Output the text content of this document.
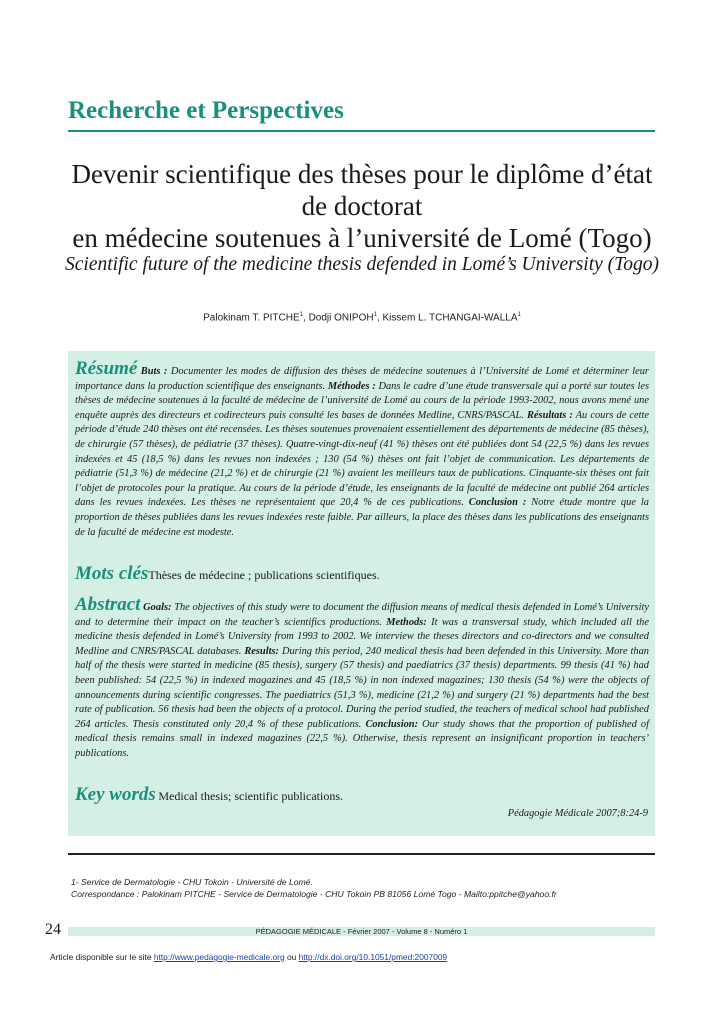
Recherche et Perspectives
Devenir scientifique des thèses pour le diplôme d’état de doctorat
en médecine soutenues à l’université de Lomé (Togo)
Scientific future of the medicine thesis defended in Lomé’s University (Togo)
Palokinam T. PITCHE$^1$, Dodji ONIPOH$^1$, Kissem L. TCHANGAI-WALLA$^1$
Résumé Buts : Documenter les modes de diffusion des thèses de médecine soutenues à l’Université de Lomé et déterminer leur importance dans la production scientifique des enseignants. Méthodes : Dans le cadre d’une étude transversale qui a porté sur toutes les thèses de médecine soutenues à la faculté de médecine de l’université de Lomé au cours de la période 1993-2002, nous avons mené une enquête auprès des directeurs et codirecteurs puis consulté les bases de données Medline, CNRS/PASCAL. Résultats : Au cours de cette période d’étude 240 thèses ont été recensées. Les thèses soutenues provenaient essentiellement des départements de médecine (85 thèses), de chirurgie (57 thèses), de pédiatrie (37 thèses). Quatre-vingt-dix-neuf (41 %) thèses ont été publiées dont 54 (22,5 %) dans les revues indexées et 45 (18,5 %) dans les revues non indexées ; 130 (54 %) thèses ont fait l’objet de communication. Les départements de pédiatrie (51,3 %) de médecine (21,2 %) et de chirurgie (21 %) avaient les meilleurs taux de publications. Cinquante-six thèses ont fait l’objet de protocoles pour la pratique. Au cours de la période d’étude, les enseignants de la faculté de médecine ont publié 264 articles dans les revues indexées. Les thèses ne représentaient que 20,4 % de ces publications. Conclusion : Notre étude montre que la proportion de thèses publiées dans les revues indexées reste faible. Par ailleurs, la place des thèses dans les publications des enseignants de la faculté de médecine est modeste.
Mots clésThèses de médecine ; publications scientifiques.
Abstract Goals: The objectives of this study were to document the diffusion means of medical thesis defended in Lomé’s University and to determine their impact on the teacher’s scientifics productions. Methods: It was a transversal study, which included all the medicine thesis defended in Lomé’s University from 1993 to 2002. We interview the theses directors and co-directors and we consulted Medline and CNRS/PASCAL databases. Results: During this period, 240 medical thesis had been defended in this University. More than half of the thesis were started in medicine (85 thesis), surgery (57 thesis) and paediatrics (37 thesis) departments. 99 thesis (41 %) had been published: 54 (22,5 %) in indexed magazines and 45 (18,5 %) in non indexed magazines; 130 thesis (54 %) were the objects of announcements during scientific congresses. The paediatrics (51,3 %), medicine (21,2 %) and surgery (21 %) departments had the best rate of publication. 56 thesis had been the objects of a protocol. During the period studied, the teachers of medical school had published 264 articles. Thesis constituted only 20,4 % of these publications. Conclusion: Our study shows that the proportion of published of medical thesis remains small in indexed magazines (22,5 %). Otherwise, thesis represent an insignificant proportion in teachers’ publications.
Key words Medical thesis; scientific publications.
Pédagogie Médicale 2007;8:24-9
1- Service de Dermatologie - CHU Tokoin - Université de Lomé.
Correspondance : Palokinam PITCHE - Service de Dermatologie - CHU Tokoin PB 81056 Lomé Togo - Mailto:ppitche@yahoo.fr
24	PÉDAGOGIE MÉDICALE - Février 2007 - Volume 8 - Numéro 1
Article disponible sur le site http://www.pedagogie-medicale.org ou http://dx.doi.org/10.1051/pmed:2007009
